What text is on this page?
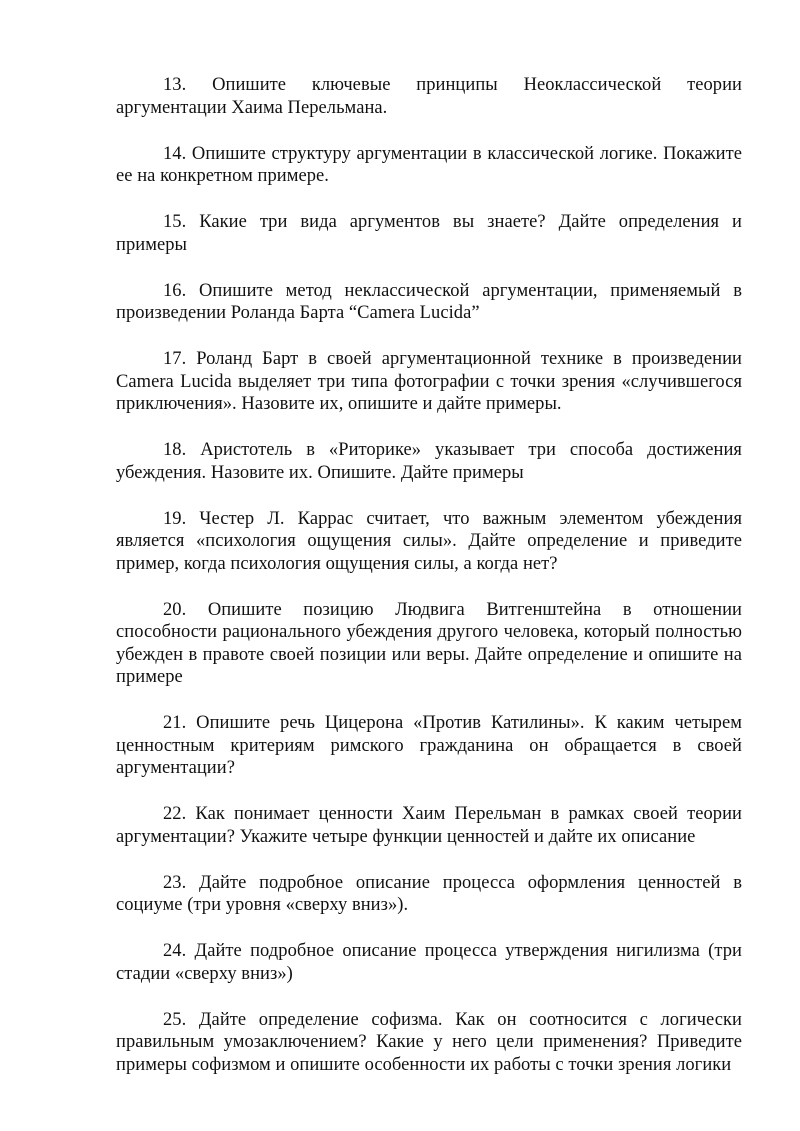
13. Опишите ключевые принципы Неоклассической теории аргументации Хаима Перельмана.

14. Опишите структуру аргументации в классической логике. Покажите ее на конкретном примере.

15. Какие три вида аргументов вы знаете? Дайте определения и примеры

16. Опишите метод неклассической аргументации, применяемый в произведении Роланда Барта “Camera Lucida”

17. Роланд Барт в своей аргументационной технике в произведении Camera Lucida выделяет три типа фотографии с точки зрения «случившегося приключения». Назовите их, опишите и дайте примеры.

18. Аристотель в «Риторике» указывает три способа достижения убеждения. Назовите их. Опишите. Дайте примеры

19. Честер Л. Каррас считает, что важным элементом убеждения является «психология ощущения силы». Дайте определение и приведите пример, когда психология ощущения силы, а когда нет?

20. Опишите позицию Людвига Витгенштейна в отношении способности рационального убеждения другого человека, который полностью убежден в правоте своей позиции или веры. Дайте определение и опишите на примере

21. Опишите речь Цицерона «Против Катилины». К каким четырем ценностным критериям римского гражданина он обращается в своей аргументации?

22. Как понимает ценности Хаим Перельман в рамках своей теории аргументации? Укажите четыре функции ценностей и дайте их описание

23. Дайте подробное описание процесса оформления ценностей в социуме (три уровня «сверху вниз»).

24. Дайте подробное описание процесса утверждения нигилизма (три стадии «сверху вниз»)

25. Дайте определение софизма. Как он соотносится с логически правильным умозаключением? Какие у него цели применения? Приведите примеры софизмом и опишите особенности их работы с точки зрения логики
